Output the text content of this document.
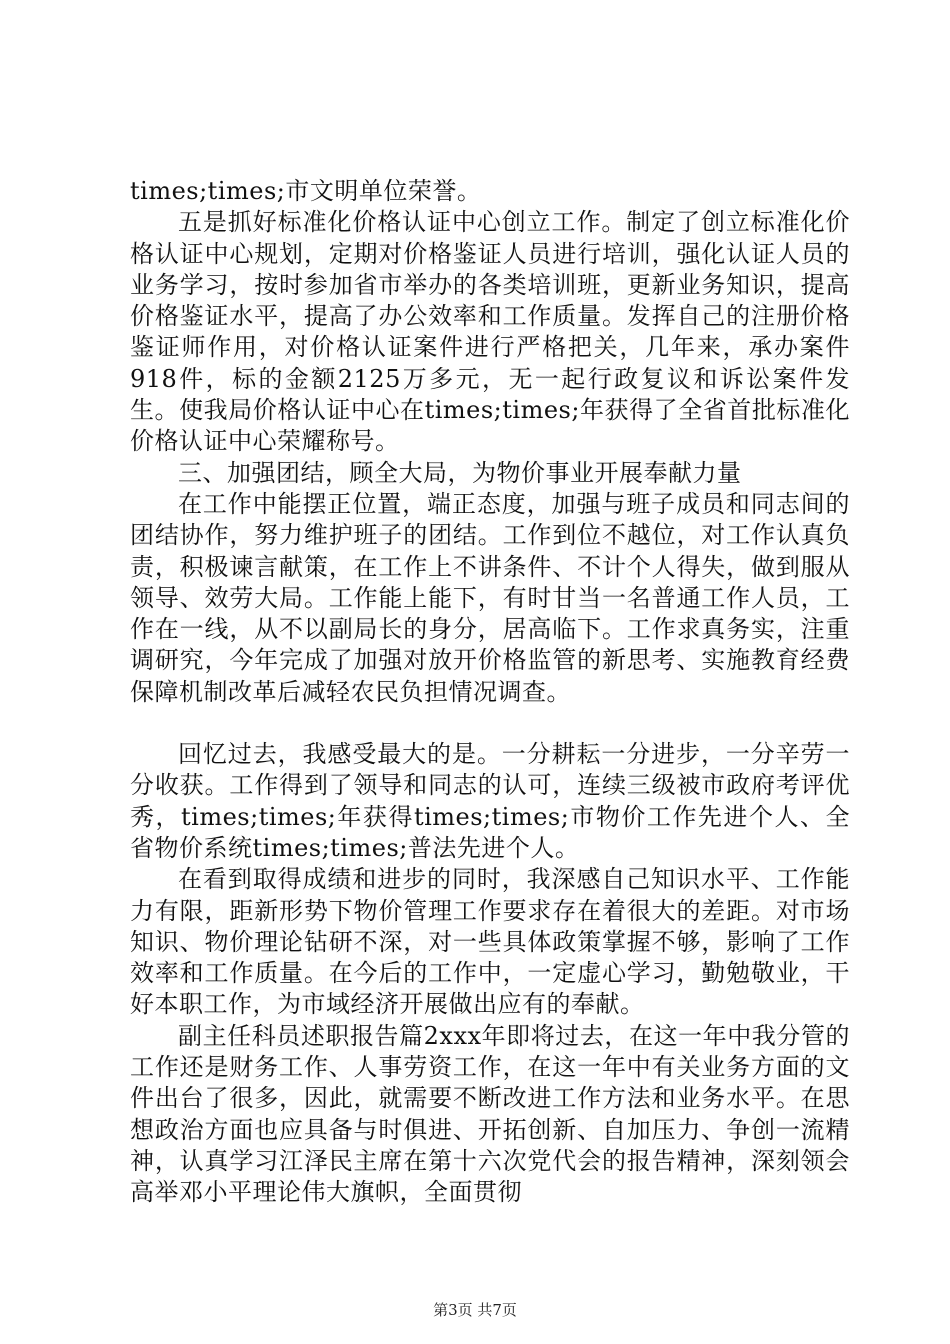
times;times;市文明单位荣誉。

五是抓好标准化价格认证中心创立工作。制定了创立标准化价格认证中心规划，定期对价格鉴证人员进行培训，强化认证人员的业务学习，按时参加省市举办的各类培训班，更新业务知识，提高价格鉴证水平，提高了办公效率和工作质量。发挥自己的注册价格鉴证师作用，对价格认证案件进行严格把关，几年来，承办案件918件，标的金额2125万多元，无一起行政复议和诉讼案件发生。使我局价格认证中心在times;times;年获得了全省首批标准化价格认证中心荣耀称号。

三、加强团结，顾全大局，为物价事业开展奉献力量

在工作中能摆正位置，端正态度，加强与班子成员和同志间的团结协作，努力维护班子的团结。工作到位不越位，对工作认真负责，积极谏言献策，在工作上不讲条件、不计个人得失，做到服从领导、效劳大局。工作能上能下，有时甘当一名普通工作人员，工作在一线，从不以副局长的身分，居高临下。工作求真务实，注重调研究，今年完成了加强对放开价格监管的新思考、实施教育经费保障机制改革后减轻农民负担情况调查。

回忆过去，我感受最大的是。一分耕耘一分进步，一分辛劳一分收获。工作得到了领导和同志的认可，连续三级被市政府考评优秀，times;times;年获得times;times;市物价工作先进个人、全省物价系统times;times;普法先进个人。

在看到取得成绩和进步的同时，我深感自己知识水平、工作能力有限，距新形势下物价管理工作要求存在着很大的差距。对市场知识、物价理论钻研不深，对一些具体政策掌握不够，影响了工作效率和工作质量。在今后的工作中，一定虚心学习，勤勉敬业，干好本职工作，为市域经济开展做出应有的奉献。

副主任科员述职报告篇2xxx年即将过去，在这一年中我分管的工作还是财务工作、人事劳资工作，在这一年中有关业务方面的文件出台了很多，因此，就需要不断改进工作方法和业务水平。在思想政治方面也应具备与时俱进、开拓创新、自加压力、争创一流精神，认真学习江泽民主席在第十六次党代会的报告精神，深刻领会高举邓小平理论伟大旗帜，全面贯彻

第3页 共7页
